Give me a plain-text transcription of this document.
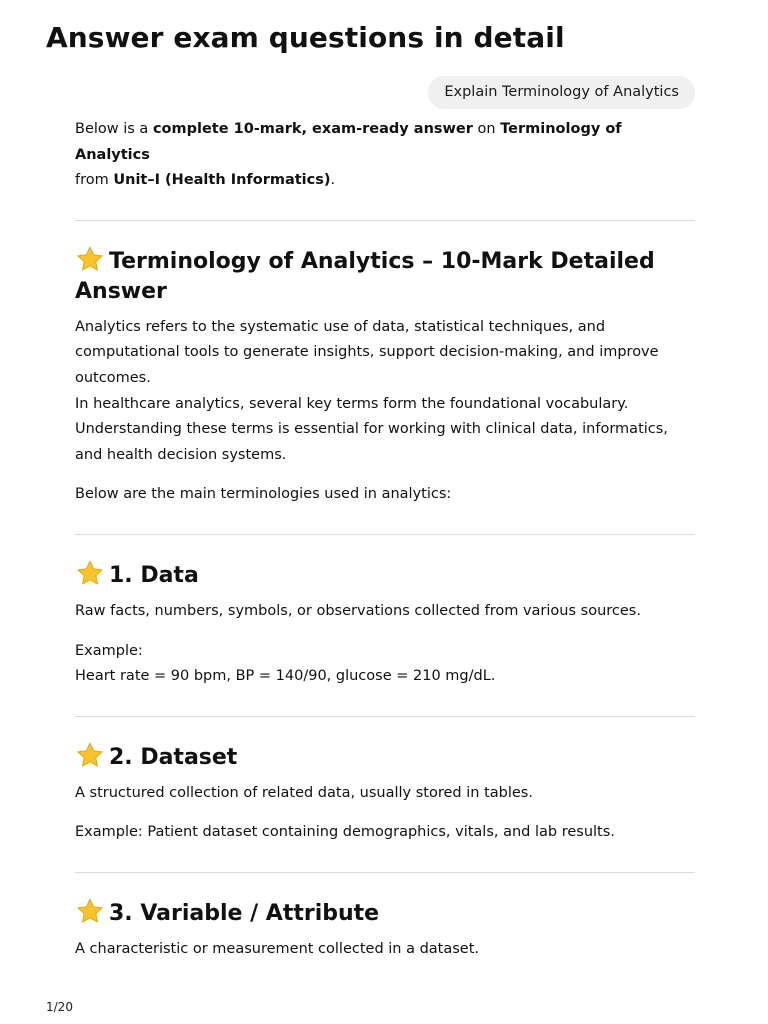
Answer exam questions in detail
Explain Terminology of Analytics

Below is a complete 10-mark, exam-ready answer on Terminology of Analytics
from Unit–I (Health Informatics).

Terminology of Analytics – 10-Mark Detailed Answer

Analytics refers to the systematic use of data, statistical techniques, and computational tools to generate insights, support decision-making, and improve outcomes.
In healthcare analytics, several key terms form the foundational vocabulary. Understanding these terms is essential for working with clinical data, informatics, and health decision systems.

Below are the main terminologies used in analytics:

1. Data

Raw facts, numbers, symbols, or observations collected from various sources.

Example:
Heart rate = 90 bpm, BP = 140/90, glucose = 210 mg/dL.

2. Dataset

A structured collection of related data, usually stored in tables.

Example: Patient dataset containing demographics, vitals, and lab results.

3. Variable / Attribute

A characteristic or measurement collected in a dataset.

1/20
